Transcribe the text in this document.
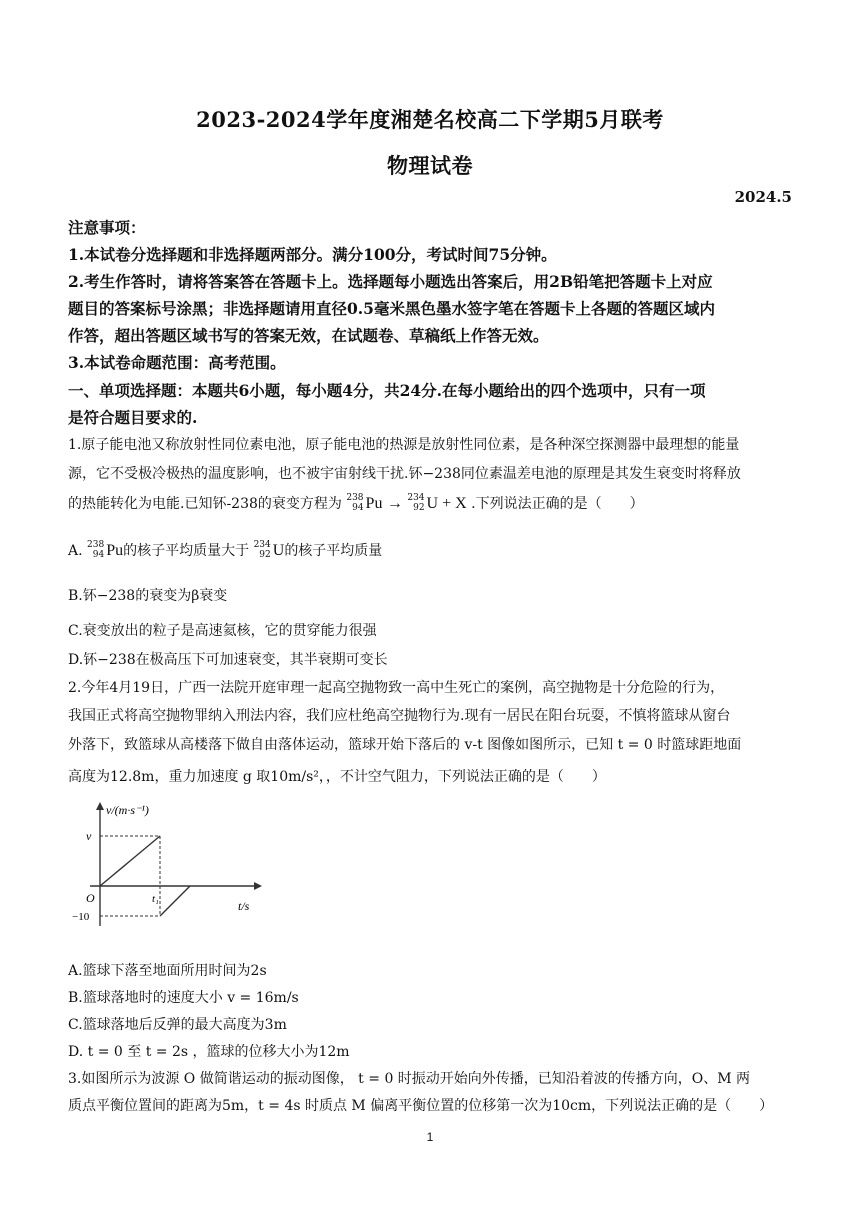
2023-2024学年度湘楚名校高二下学期5月联考
物理试卷
2024.5
注意事项：
1.本试卷分选择题和非选择题两部分。满分100分，考试时间75分钟。
2.考生作答时，请将答案答在答题卡上。选择题每小题选出答案后，用2B铅笔把答题卡上对应
题目的答案标号涂黑；非选择题请用直径0.5毫米黑色墨水签字笔在答题卡上各题的答题区域内
作答，超出答题区域书写的答案无效，在试题卷、草稿纸上作答无效。
3.本试卷命题范围：高考范围。
一、单项选择题：本题共6小题，每小题4分，共24分.在每小题给出的四个选项中，只有一项
是符合题目要求的.
1.原子能电池又称放射性同位素电池，原子能电池的热源是放射性同位素，是各种深空探测器中最理想的能量
源，它不受极冷极热的温度影响，也不被宇宙射线干扰.钚−238同位素温差电池的原理是其发生衰变时将释放
的热能转化为电能.已知钚-238的衰变方程为 238
94 Pu → 234
92 U + X .下列说法正确的是（　　）
A. 238
94 Pu的核子平均质量大于 234
92 U的核子平均质量
B.钚−238的衰变为β衰变
C.衰变放出的粒子是高速氦核，它的贯穿能力很强
D.钚−238在极高压下可加速衰变，其半衰期可变长
2.今年4月19日，广西一法院开庭审理一起高空抛物致一高中生死亡的案例，高空抛物是十分危险的行为，
我国正式将高空抛物罪纳入刑法内容，我们应杜绝高空抛物行为.现有一居民在阳台玩耍，不慎将篮球从窗台
外落下，致篮球从高楼落下做自由落体运动，篮球开始下落后的 v-t 图像如图所示，已知 t = 0 时篮球距地面
高度为12.8m，重力加速度 g 取10m/s²，，不计空气阻力，下列说法正确的是（　　）
v/(m·s⁻¹)
t/s
v
O	t₁
−10
A.篮球下落至地面所用时间为2s
B.篮球落地时的速度大小 v = 16m/s
C.篮球落地后反弹的最大高度为3m
D. t = 0 至 t = 2s ，篮球的位移大小为12m
3.如图所示为波源 O 做简谐运动的振动图像， t = 0 时振动开始向外传播，已知沿着波的传播方向，O、M 两
质点平衡位置间的距离为5m，t = 4s 时质点 M 偏离平衡位置的位移第一次为10cm，下列说法正确的是（　　）
1
